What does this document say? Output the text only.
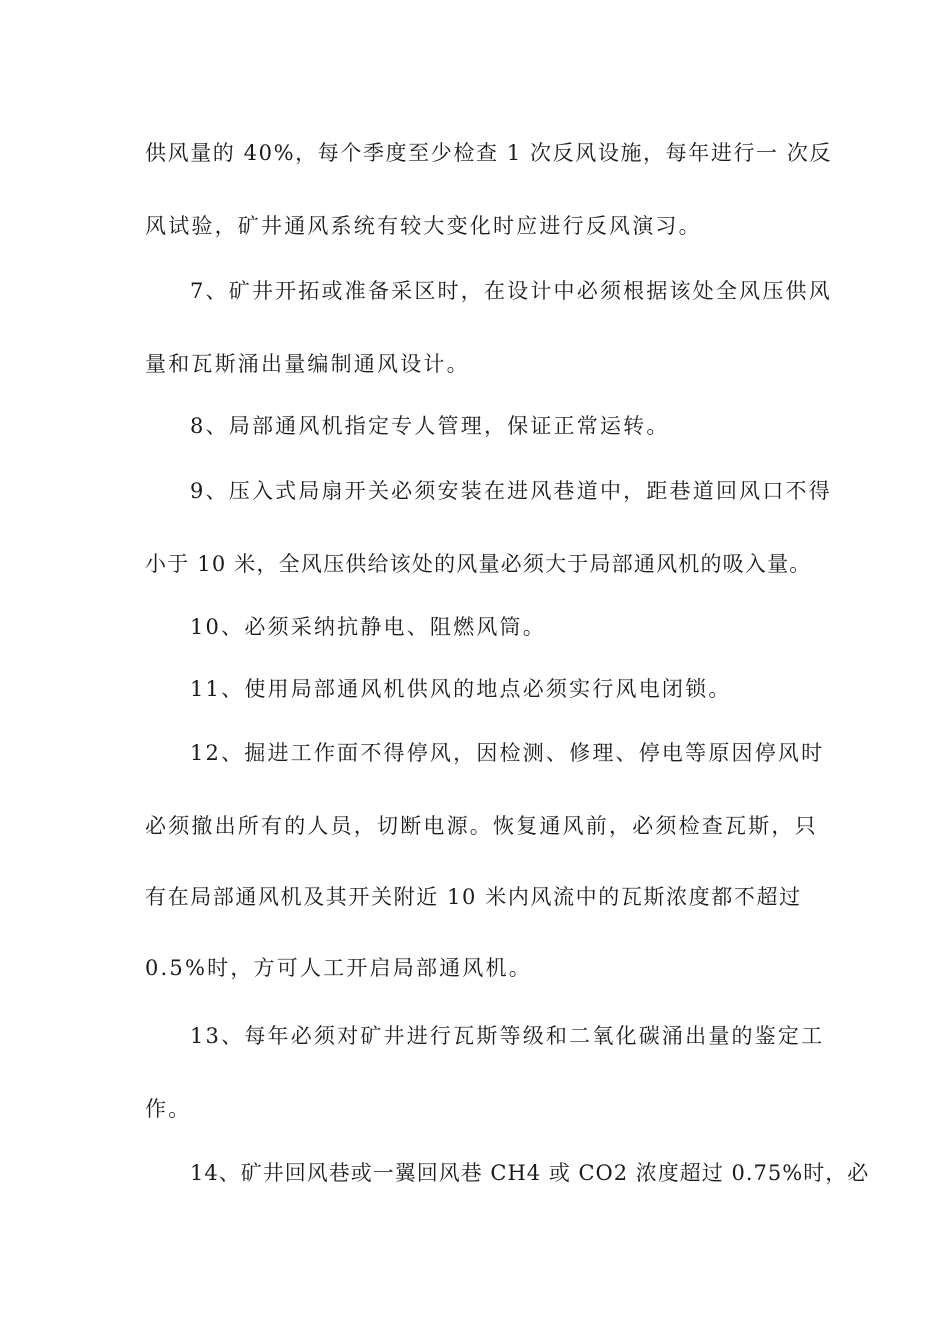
供风量的 40%，每个季度至少检查 1 次反风设施，每年进行一 次反
风试验，矿井通风系统有较大变化时应进行反风演习。
7、矿井开拓或准备采区时，在设计中必须根据该处全风压供风
量和瓦斯涌出量编制通风设计。
8、局部通风机指定专人管理，保证正常运转。
9、压入式局扇开关必须安装在进风巷道中，距巷道回风口不得
小于 10 米，全风压供给该处的风量必须大于局部通风机的吸入量。
10、必须采纳抗静电、阻燃风筒。
11、使用局部通风机供风的地点必须实行风电闭锁。
12、掘进工作面不得停风，因检测、修理、停电等原因停风时
必须撤出所有的人员，切断电源。恢复通风前，必须检查瓦斯，只
有在局部通风机及其开关附近 10 米内风流中的瓦斯浓度都不超过
0.5%时，方可人工开启局部通风机。
13、每年必须对矿井进行瓦斯等级和二氧化碳涌出量的鉴定工
作。
14、矿井回风巷或一翼回风巷 CH4 或 CO2 浓度超过 0.75%时，必
